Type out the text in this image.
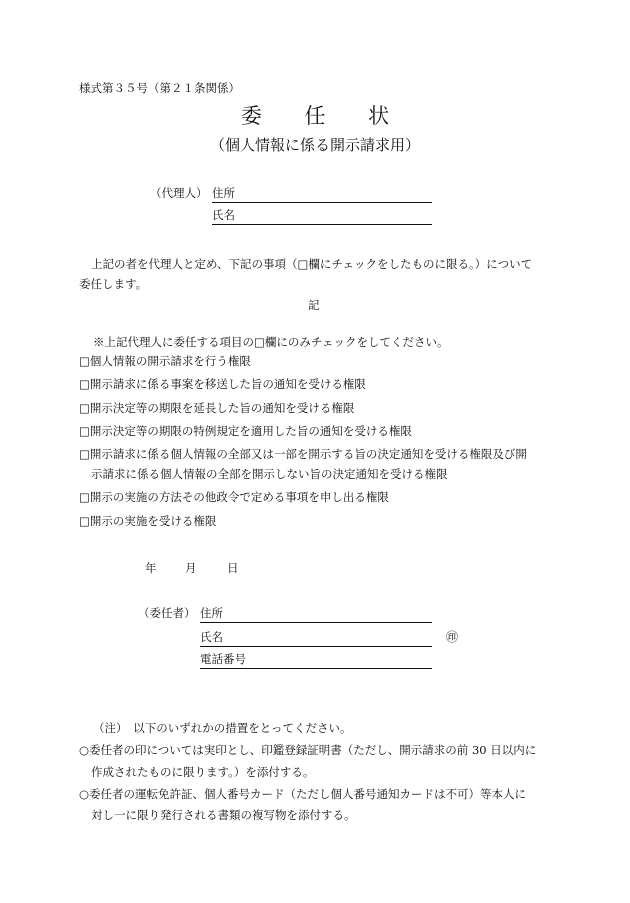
様式第３５号（第２１条関係）
委 任 状
（個人情報に係る開示請求用）
（代理人） 住所
氏名
上記の者を代理人と定め、下記の事項（□欄にチェックをしたものに限る。）について
委任します。
記
※上記代理人に委任する項目の□欄にのみチェックをしてください。
□個人情報の開示請求を行う権限
□開示請求に係る事案を移送した旨の通知を受ける権限
□開示決定等の期限を延長した旨の通知を受ける権限
□開示決定等の期限の特例規定を適用した旨の通知を受ける権限
□開示請求に係る個人情報の全部又は一部を開示する旨の決定通知を受ける権限及び開
示請求に係る個人情報の全部を開示しない旨の決定通知を受ける権限
□開示の実施の方法その他政令で定める事項を申し出る権限
□開示の実施を受ける権限
年 月	日
（委任者） 住所
氏名	㊞
電話番号
（注）　以下のいずれかの措置をとってください。
○委任者の印については実印とし、印鑑登録証明書（ただし、開示請求の前 30 日以内に
作成されたものに限ります。）を添付する。
○委任者の運転免許証、個人番号カード（ただし個人番号通知カードは不可）等本人に
対し一に限り発行される書類の複写物を添付する。
